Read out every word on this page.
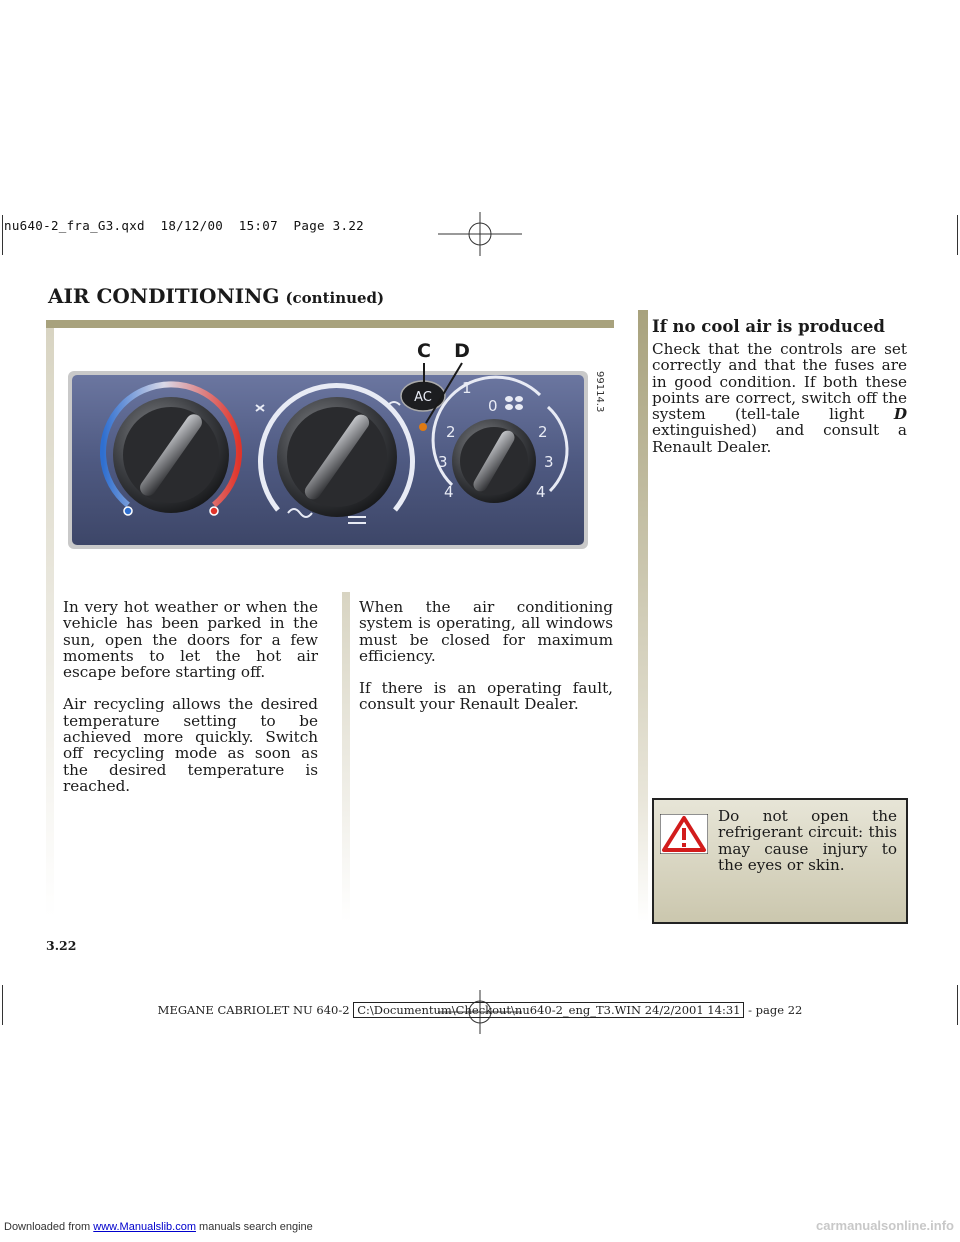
nu640-2_fra_G3.qxd  18/12/00  15:07  Page 3.22
AIR CONDITIONING (continued)
AC
C D
0
1
2
3
4
2
3
4
99114.3

In very hot weather or when the vehicle has been parked in the sun, open the doors for a few moments to let the hot air escape before starting off.

Air recycling allows the desired temperature setting to be achieved more quickly. Switch off recycling mode as soon as the desired temperature is reached.

When the air conditioning system is operating, all windows must be closed for maximum efficiency.

If there is an operating fault, consult your Renault Dealer.

If no cool air is produced

Check that the controls are set correctly and that the fuses are in good condition. If both these points are correct, switch off the system (tell-tale light D extinguished) and consult a Renault Dealer.

Do not open the refrigerant circuit: this may cause injury to the eyes or skin.
3.22
MEGANE CABRIOLET NU 640-2 C:\Documentum\Checkout\nu640-2_eng_T3.WIN 24/2/2001 14:31 - page 22
Downloaded from www.Manualslib.com manuals search engine	carmanualsonline.info
